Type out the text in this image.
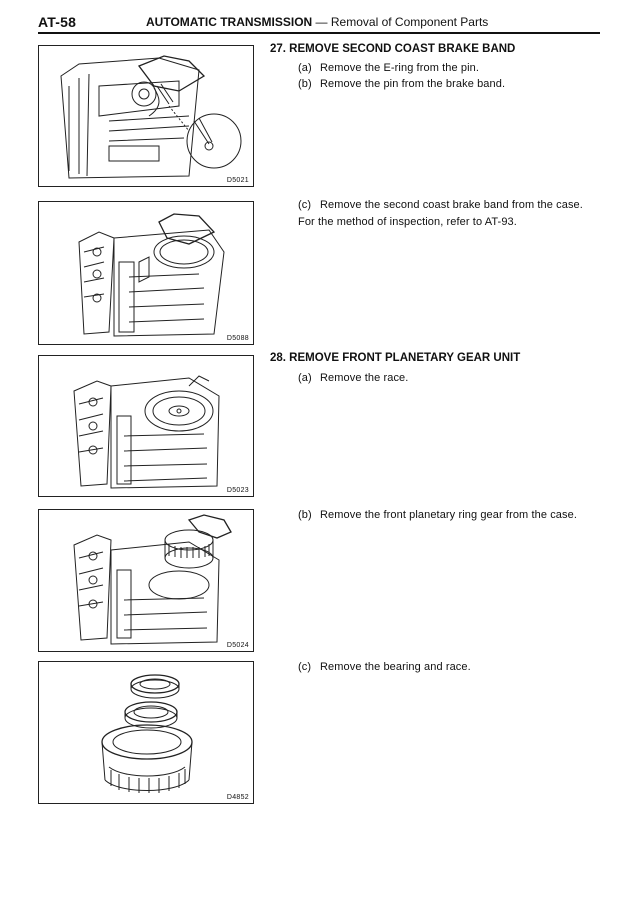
AT-58	AUTOMATIC TRANSMISSION — Removal of Component Parts
D5021
D5088
D5023
D5024
D4852
27. REMOVE SECOND COAST BRAKE BAND
(a) Remove the E-ring from the pin.
(b) Remove the pin from the brake band.
(c) Remove the second coast brake band from the case.
For the method of inspection, refer to AT-93.
28. REMOVE FRONT PLANETARY GEAR UNIT
(a) Remove the race.
(b) Remove the front planetary ring gear from the case.
(c) Remove the bearing and race.
